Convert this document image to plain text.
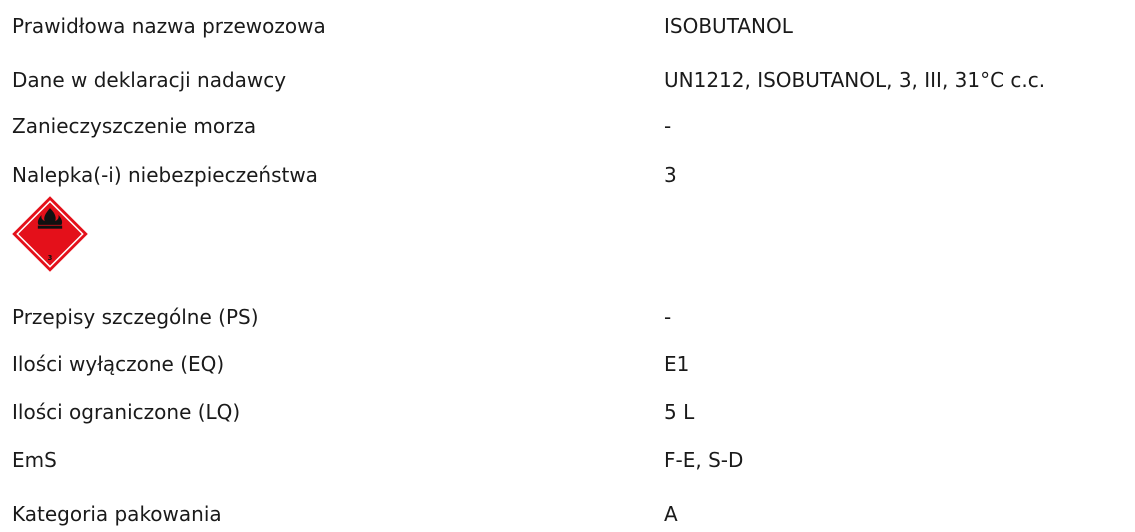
Prawidłowa nazwa przewozowa	ISOBUTANOL
Dane w deklaracji nadawcy	UN1212, ISOBUTANOL, 3, III, 31°C c.c.
Zanieczyszczenie morza	-
Nalepka(-i) niebezpieczeństwa	3
3
Przepisy szczególne (PS)	-
Ilości wyłączone (EQ)	E1
Ilości ograniczone (LQ)	5 L
EmS	F-E, S-D
Kategoria pakowania	A
